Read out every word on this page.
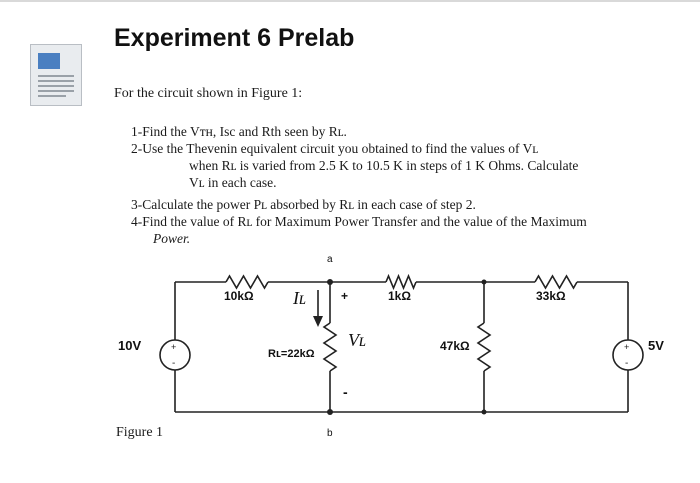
Experiment 6 Prelab
For the circuit shown in Figure 1:
1-Find the Vᴛʜ, Isc and Rth seen by Rʟ.
2-Use the Thevenin equivalent circuit you obtained to find the values of Vʟ
when Rʟ is varied from 2.5 K to 10.5 K in steps of 1 K Ohms. Calculate
Vʟ in each case.
3-Calculate the power Pʟ absorbed by Rʟ in each case of step 2.
4-Find the value of Rʟ for Maximum Power Transfer and the value of the Maximum
Power.
+
-
+
-
10kΩ	1kΩ	33kΩ
47kΩ
Rʟ=22kΩ
10V	5V
Iʟ
Vʟ
+
-
a
b
Figure 1
